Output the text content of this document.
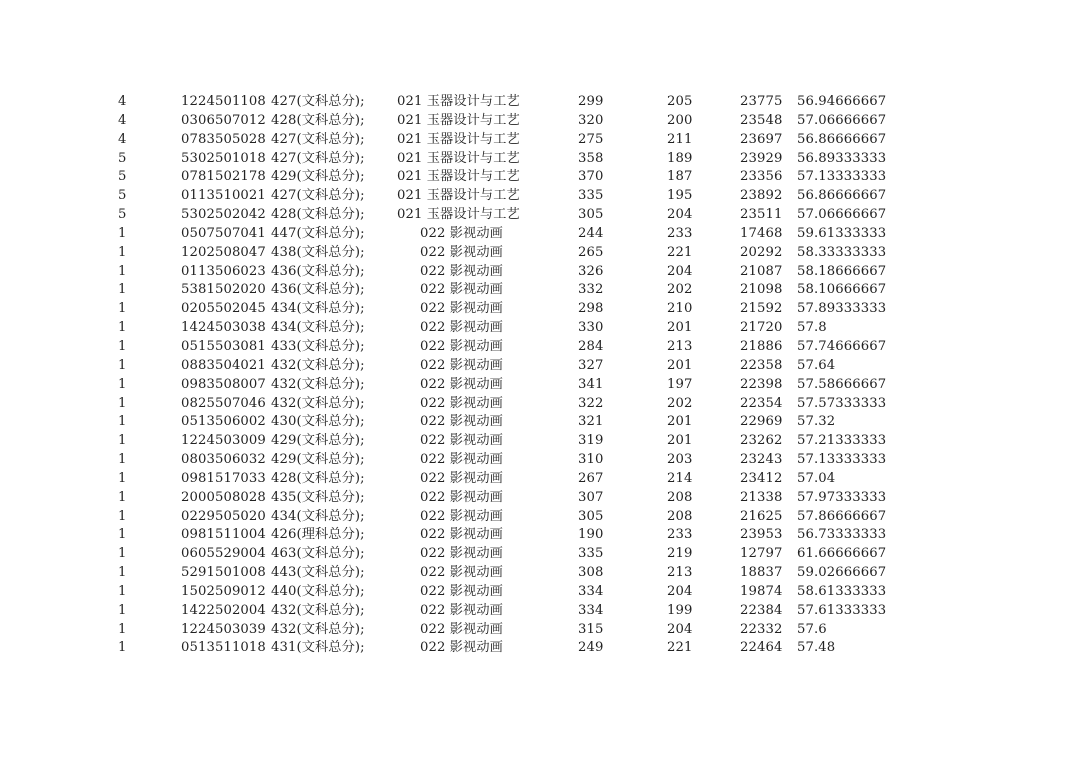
4	1224501108 427(文科总分); 021 玉器设计与工艺	299	205	23775 56.94666667
4	0306507012 428(文科总分); 021 玉器设计与工艺	320	200	23548 57.06666667
4	0783505028 427(文科总分); 021 玉器设计与工艺	275	211	23697 56.86666667
5	5302501018 427(文科总分); 021 玉器设计与工艺	358	189	23929 56.89333333
5	0781502178 429(文科总分); 021 玉器设计与工艺	370	187	23356 57.13333333
5	0113510021 427(文科总分); 021 玉器设计与工艺	335	195	23892 56.86666667
5	5302502042 428(文科总分); 021 玉器设计与工艺	305	204	23511 57.06666667
1	0507507041 447(文科总分);	022 影视动画	244	233	17468 59.61333333
1	1202508047 438(文科总分);	022 影视动画	265	221	20292 58.33333333
1	0113506023 436(文科总分);	022 影视动画	326	204	21087 58.18666667
1	5381502020 436(文科总分);	022 影视动画	332	202	21098 58.10666667
1	0205502045 434(文科总分);	022 影视动画	298	210	21592 57.89333333
1	1424503038 434(文科总分);	022 影视动画	330	201	21720 57.8
1	0515503081 433(文科总分);	022 影视动画	284	213	21886 57.74666667
1	0883504021 432(文科总分);	022 影视动画	327	201	22358 57.64
1	0983508007 432(文科总分);	022 影视动画	341	197	22398 57.58666667
1	0825507046 432(文科总分);	022 影视动画	322	202	22354 57.57333333
1	0513506002 430(文科总分);	022 影视动画	321	201	22969 57.32
1	1224503009 429(文科总分);	022 影视动画	319	201	23262 57.21333333
1	0803506032 429(文科总分);	022 影视动画	310	203	23243 57.13333333
1	0981517033 428(文科总分);	022 影视动画	267	214	23412 57.04
1	2000508028 435(文科总分);	022 影视动画	307	208	21338 57.97333333
1	0229505020 434(文科总分);	022 影视动画	305	208	21625 57.86666667
1	0981511004 426(理科总分);	022 影视动画	190	233	23953 56.73333333
1	0605529004 463(文科总分);	022 影视动画	335	219	12797 61.66666667
1	5291501008 443(文科总分);	022 影视动画	308	213	18837 59.02666667
1	1502509012 440(文科总分);	022 影视动画	334	204	19874 58.61333333
1	1422502004 432(文科总分);	022 影视动画	334	199	22384 57.61333333
1	1224503039 432(文科总分);	022 影视动画	315	204	22332 57.6
1	0513511018 431(文科总分);	022 影视动画	249	221	22464 57.48
